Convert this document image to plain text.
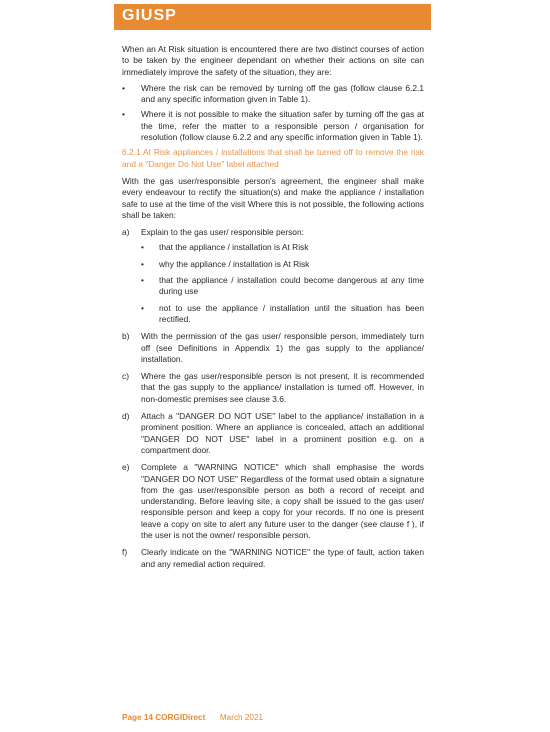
GIUSP

When an At Risk situation is encountered there are two distinct courses of action to be taken by the engineer dependant on whether their actions on site can immediately improve the safety of the situation, they are:

• Where the risk can be removed by turning off the gas (follow clause 6.2.1 and any specific information given in Table 1).
• Where it is not possible to make the situation safer by turning off the gas at the time, refer the matter to a responsible person / organisation for resolution (follow clause 6.2.2 and any specific information given in Table 1).

6.2.1 At Risk appliances / installations that shall be turned off to remove the risk and a "Danger Do Not Use" label attached

With the gas user/responsible person's agreement, the engineer shall make every endeavour to rectify the situation(s) and make the appliance / installation safe to use at the time of the visit Where this is not possible, the following actions shall be taken:

a) Explain to the gas user/ responsible person:
• that the appliance / installation is At Risk
• why the appliance / installation is At Risk
• that the appliance / installation could become dangerous at any time during use
• not to use the appliance / installation until the situation has been rectified.
b) With the permission of the gas user/ responsible person, immediately turn off (see Definitions in Appendix 1) the gas supply to the appliance/ installation.
c) Where the gas user/responsible person is not present, it is recommended that the gas supply to the appliance/ installation is turned off. However, in non-domestic premises see clause 3.6.
d) Attach a "DANGER DO NOT USE" label to the appliance/ installation in a prominent position. Where an appliance is concealed, attach an additional "DANGER DO NOT USE" label in a prominent position e.g. on a compartment door.
e) Complete a "WARNING NOTICE" which shall emphasise the words "DANGER DO NOT USE" Regardless of the format used obtain a signature from the gas user/responsible person as both a record of receipt and understanding. Before leaving site, a copy shall be issued to the gas user/ responsible person and keep a copy for your records. If no one is present leave a copy on site to alert any future user to the danger (see clause f ), if the user is not the owner/ responsible person.
f) Clearly indicate on the "WARNING NOTICE" the type of fault, action taken and any remedial action required.
Page 14 CORGIDirect March 2021
